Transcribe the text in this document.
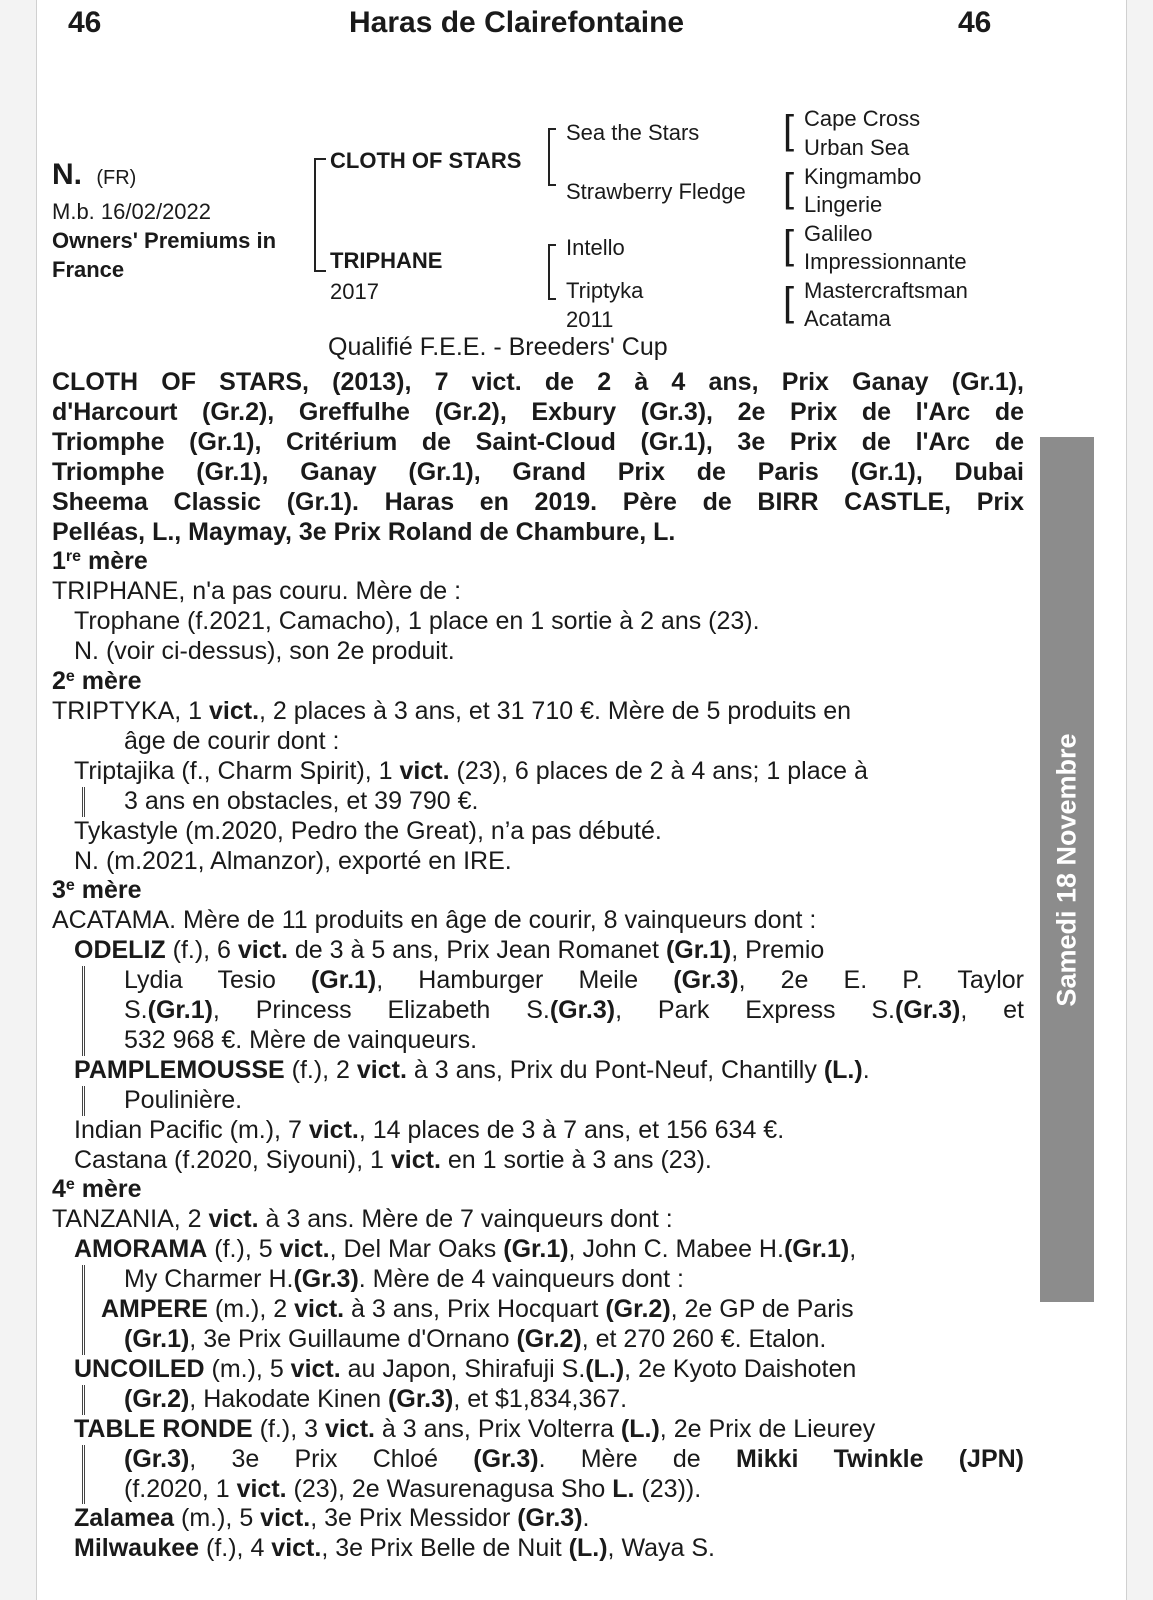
46	Haras de Clairefontaine	46
N. (FR)
M.b. 16/02/2022
Owners' Premiums in
France
CLOTH OF STARS
TRIPHANE
2017
Sea the Stars
Strawberry Fledge
Intello
Triptyka
2011
[
[
[
[
Cape Cross
Urban Sea
Kingmambo
Lingerie
Galileo
Impressionnante
Mastercraftsman
Acatama
Qualifié F.E.E. - Breeders' Cup
CLOTH OF STARS, (2013), 7 vict. de 2 à 4 ans, Prix Ganay (Gr.1),
d'Harcourt (Gr.2), Greffulhe (Gr.2), Exbury (Gr.3), 2e Prix de l'Arc de
Triomphe (Gr.1), Critérium de Saint-Cloud (Gr.1), 3e Prix de l'Arc de
Triomphe (Gr.1), Ganay (Gr.1), Grand Prix de Paris (Gr.1), Dubai
Sheema Classic (Gr.1). Haras en 2019. Père de BIRR CASTLE, Prix
Pelléas, L., Maymay, 3e Prix Roland de Chambure, L.
1re mère
TRIPHANE, n'a pas couru. Mère de :
Trophane (f.2021, Camacho), 1 place en 1 sortie à 2 ans (23).
N. (voir ci-dessus), son 2e produit.
2e mère
TRIPTYKA, 1 vict., 2 places à 3 ans, et 31 710 €. Mère de 5 produits en
âge de courir dont :
Triptajika (f., Charm Spirit), 1 vict. (23), 6 places de 2 à 4 ans; 1 place à
3 ans en obstacles, et 39 790 €.
Tykastyle (m.2020, Pedro the Great), n’a pas débuté.
N. (m.2021, Almanzor), exporté en IRE.
3e mère
ACATAMA. Mère de 11 produits en âge de courir, 8 vainqueurs dont :
ODELIZ (f.), 6 vict. de 3 à 5 ans, Prix Jean Romanet (Gr.1), Premio
Lydia Tesio (Gr.1), Hamburger Meile (Gr.3), 2e E. P. Taylor
S.(Gr.1), Princess Elizabeth S.(Gr.3), Park Express S.(Gr.3), et
532 968 €. Mère de vainqueurs.
PAMPLEMOUSSE (f.), 2 vict. à 3 ans, Prix du Pont-Neuf, Chantilly (L.).
Poulinière.
Indian Pacific (m.), 7 vict., 14 places de 3 à 7 ans, et 156 634 €.
Castana (f.2020, Siyouni), 1 vict. en 1 sortie à 3 ans (23).
4e mère
TANZANIA, 2 vict. à 3 ans. Mère de 7 vainqueurs dont :
AMORAMA (f.), 5 vict., Del Mar Oaks (Gr.1), John C. Mabee H.(Gr.1),
My Charmer H.(Gr.3). Mère de 4 vainqueurs dont :
AMPERE (m.), 2 vict. à 3 ans, Prix Hocquart (Gr.2), 2e GP de Paris
(Gr.1), 3e Prix Guillaume d'Ornano (Gr.2), et 270 260 €. Etalon.
UNCOILED (m.), 5 vict. au Japon, Shirafuji S.(L.), 2e Kyoto Daishoten
(Gr.2), Hakodate Kinen (Gr.3), et $1,834,367.
TABLE RONDE (f.), 3 vict. à 3 ans, Prix Volterra (L.), 2e Prix de Lieurey
(Gr.3), 3e Prix Chloé (Gr.3). Mère de Mikki Twinkle (JPN)
(f.2020, 1 vict. (23), 2e Wasurenagusa Sho L. (23)).
Zalamea (m.), 5 vict., 3e Prix Messidor (Gr.3).
Milwaukee (f.), 4 vict., 3e Prix Belle de Nuit (L.), Waya S.
Samedi 18 Novembre
